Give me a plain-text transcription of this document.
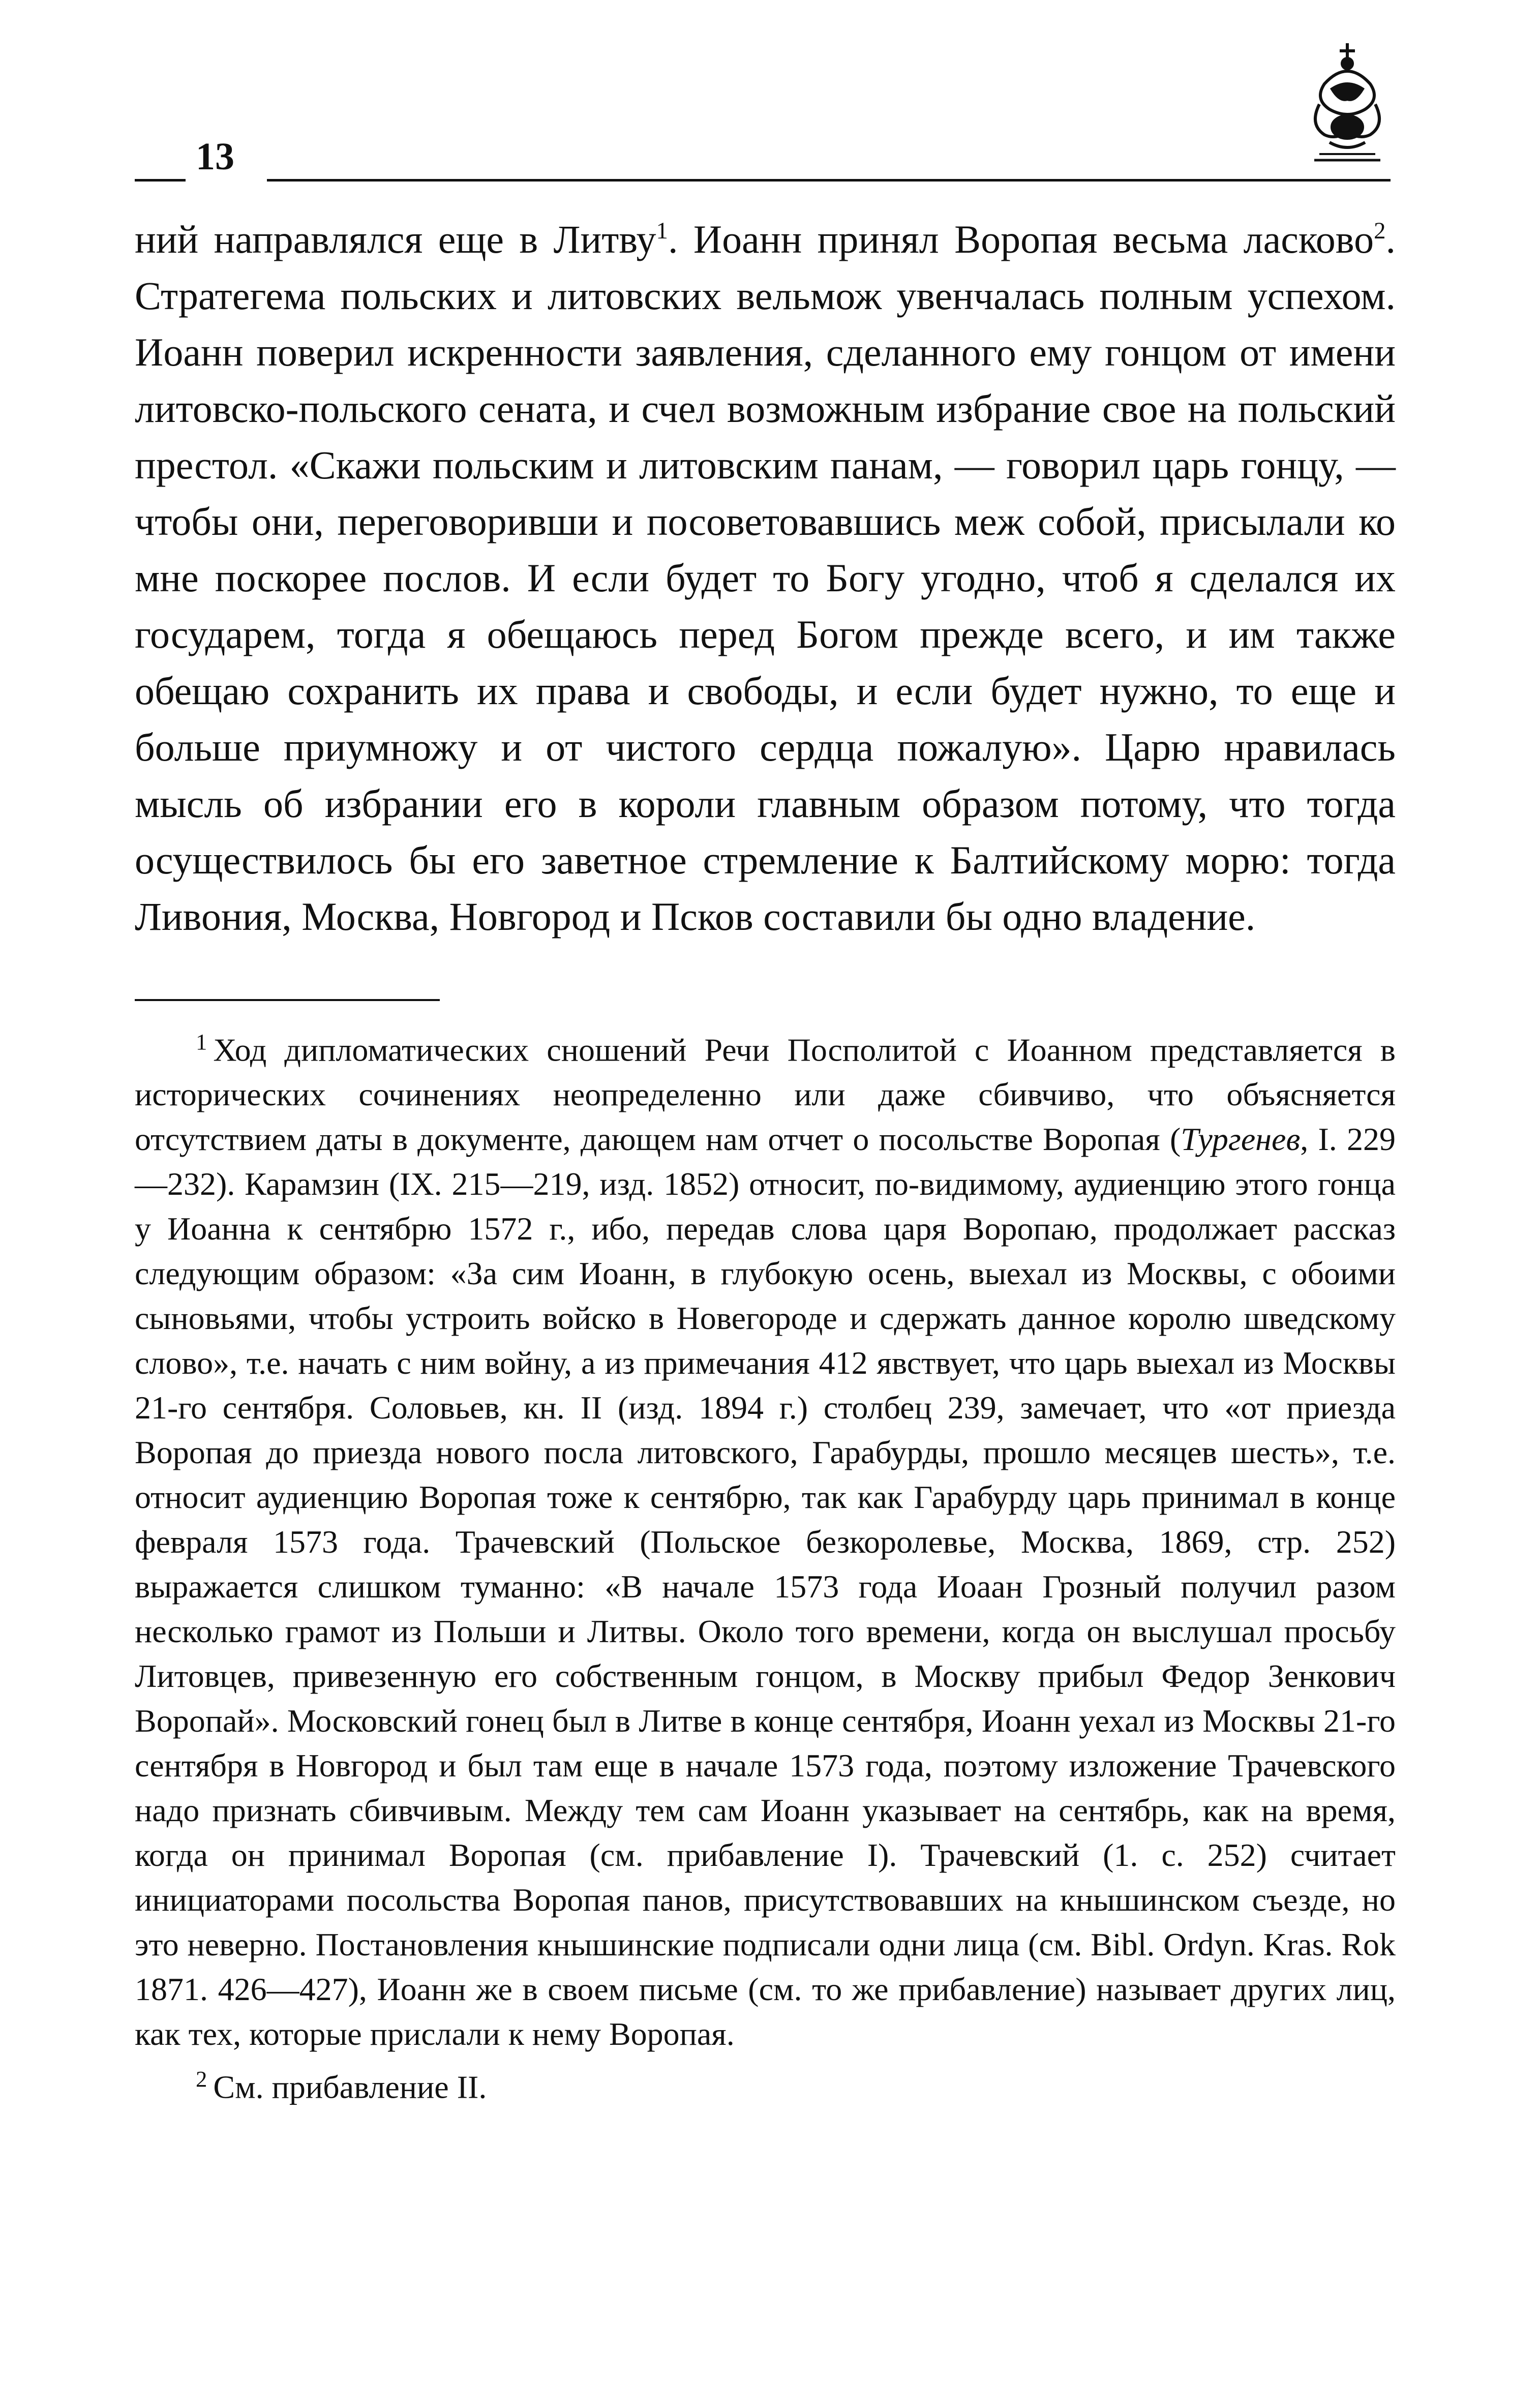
13

ний направлялся еще в Литву$^1$. Иоанн принял Воропая весьма ласково$^2$. Стратегема польских и литовских вельмож увенчалась полным успехом. Иоанн поверил искренности заявления, сделанного ему гонцом от имени литовско-польского сената, и счел возможным избрание свое на польский престол. «Скажи польским и литовским панам, — говорил царь гонцу, — чтобы они, переговоривши и посоветовавшись меж собой, присылали ко мне поскорее послов. И если будет то Богу угодно, чтоб я сделался их государем, тогда я обещаюсь перед Богом прежде всего, и им также обещаю сохранить их права и свободы, и если будет нужно, то еще и больше приумножу и от чистого сердца пожалую». Царю нравилась мысль об избрании его в короли главным образом потому, что тогда осуществилось бы его заветное стремление к Балтийскому морю: тогда Ливония, Москва, Новгород и Псков составили бы одно владение.

$^1$ Ход дипломатических сношений Речи Посполитой с Иоанном представляется в исторических сочинениях неопределенно или даже сбивчиво, что объясняется отсутствием даты в документе, дающем нам отчет о посольстве Воропая (Тургенев, I. 229—232). Карамзин (IX. 215—219, изд. 1852) относит, по-видимому, аудиенцию этого гонца у Иоанна к сентябрю 1572 г., ибо, передав слова царя Воропаю, продолжает рассказ следующим образом: «За сим Иоанн, в глубокую осень, выехал из Москвы, с обоими сыновьями, чтобы устроить войско в Новегороде и сдержать данное королю шведскому слово», т.е. начать с ним войну, а из примечания 412 явствует, что царь выехал из Москвы 21-го сентября. Соловьев, кн. II (изд. 1894 г.) столбец 239, замечает, что «от приезда Воропая до приезда нового посла литовского, Гарабурды, прошло месяцев шесть», т.е. относит аудиенцию Воропая тоже к сентябрю, так как Гарабурду царь принимал в конце февраля 1573 года. Трачевский (Польское безкоролевье, Москва, 1869, стр. 252) выражается слишком туманно: «В начале 1573 года Иоаан Грозный получил разом несколько грамот из Польши и Литвы. Около того времени, когда он выслушал просьбу Литовцев, привезенную его собственным гонцом, в Москву прибыл Федор Зенкович Воропай». Московский гонец был в Литве в конце сентября, Иоанн уехал из Москвы 21-го сентября в Новгород и был там еще в начале 1573 года, поэтому изложение Трачевского надо признать сбивчивым. Между тем сам Иоанн указывает на сентябрь, как на время, когда он принимал Воропая (см. прибавление I). Трачевский (1. с. 252) считает инициаторами посольства Воропая панов, присутствовавших на кнышинском съезде, но это неверно. Постановления кнышинские подписали одни лица (см. Bibl. Ordyn. Kras. Rok 1871. 426—427), Иоанн же в своем письме (см. то же прибавление) называет других лиц, как тех, которые прислали к нему Воропая.

$^2$ См. прибавление II.
